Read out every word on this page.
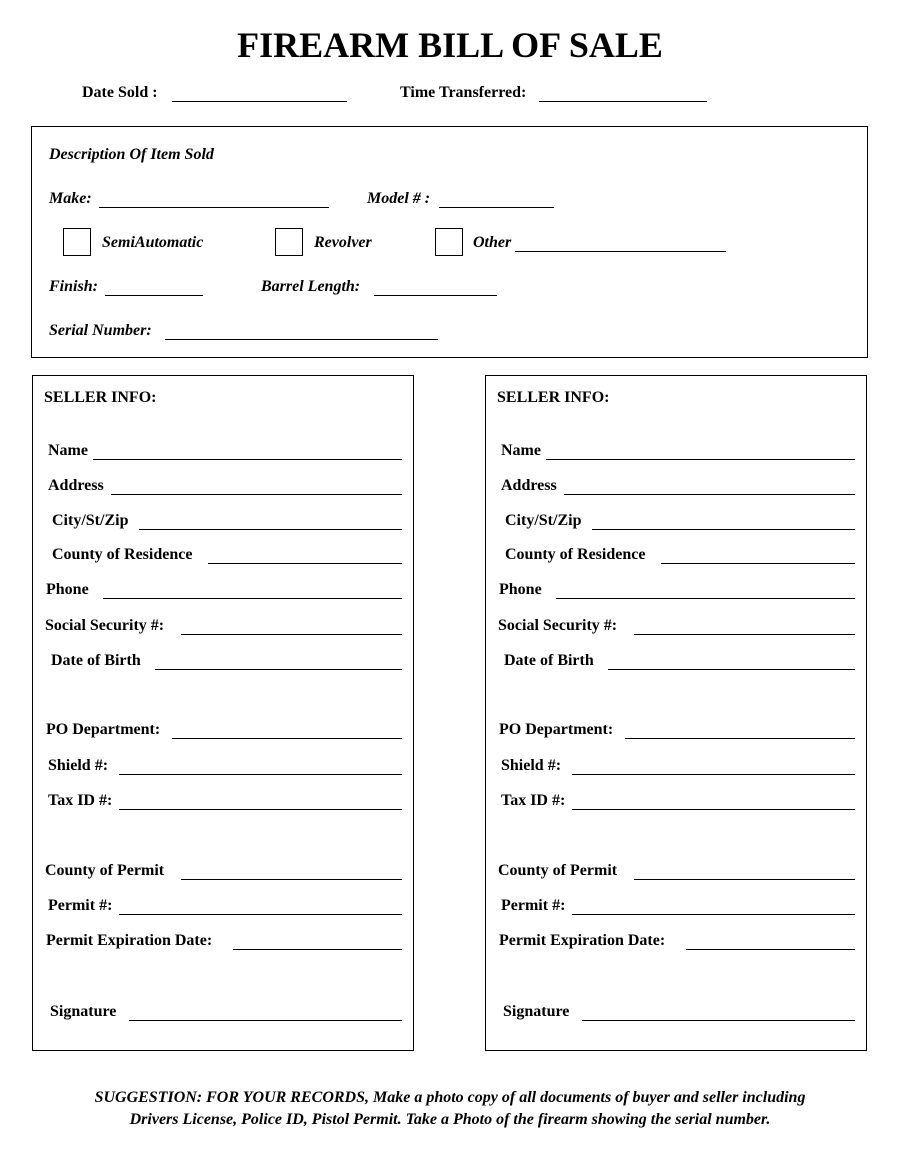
FIREARM BILL OF SALE
Date Sold :	Time Transferred:
Description Of Item Sold
Make:	Model # :
SemiAutomatic	Revolver	Other
Finish:	Barrel Length:
Serial Number:
SELLER INFO:
Name
Address
City/St/Zip
County of Residence
Phone
Social Security #:
Date of Birth
PO Department:
Shield #:
Tax ID #:
County of Permit
Permit #:
Permit Expiration Date:
Signature
SELLER INFO:
Name
Address
City/St/Zip
County of Residence
Phone
Social Security #:
Date of Birth
PO Department:
Shield #:
Tax ID #:
County of Permit
Permit #:
Permit Expiration Date:
Signature
SUGGESTION: FOR YOUR RECORDS, Make a photo copy of all documents of buyer and seller including
Drivers License, Police ID, Pistol Permit. Take a Photo of the firearm showing the serial number.
